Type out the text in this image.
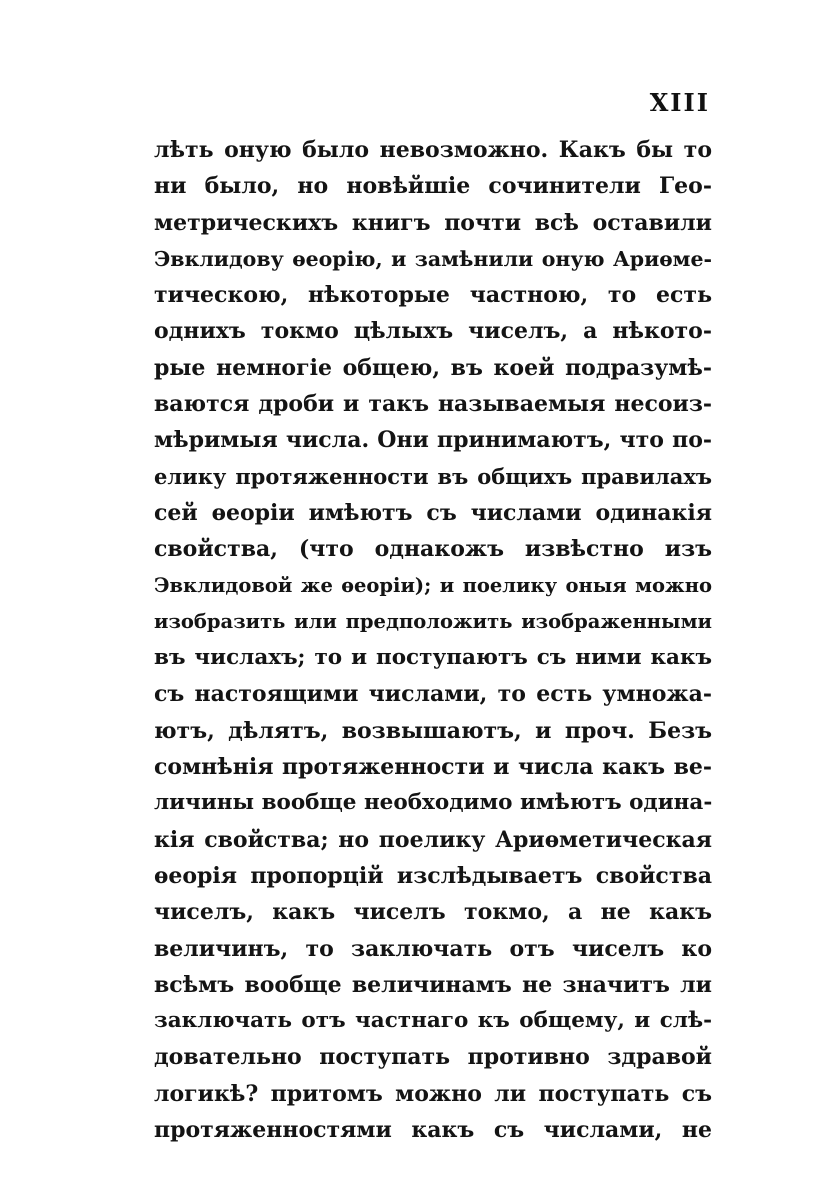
XIII
лѣть оную было невозможно. Какъ бы то
ни было, но новѣйшіе сочинители Гео-
метрическихъ книгъ почти всѣ оставили
Эвклидову ѳеорію, и замѣнили оную Ариѳме-
тическою, нѣкоторые частною, то есть
однихъ токмо цѣлыхъ чиселъ, а нѣкото-
рые немногіе общею, въ коей подразумѣ-
ваются дроби и такъ называемыя несоиз-
мѣримыя числа. Они принимаютъ, что по-
елику протяженности въ общихъ правилахъ
сей ѳеоріи имѣютъ съ числами одинакія
свойства, (что однакожъ извѣстно изъ
Эвклидовой же ѳеоріи); и поелику оныя можно
изобразить или предположить изображенными
въ числахъ; то и поступаютъ съ ними какъ
съ настоящими числами, то есть умножа-
ютъ, дѣлятъ, возвышаютъ, и проч. Безъ
сомнѣнія протяженности и числа какъ ве-
личины вообще необходимо имѣютъ одина-
кія свойства; но поелику Ариѳметическая
ѳеорія пропорцій изслѣдываетъ свойства
чиселъ, какъ чиселъ токмо, а не какъ
величинъ, то заключать отъ чиселъ ко
всѣмъ вообще величинамъ не значитъ ли
заключать отъ частнаго къ общему, и слѣ-
довательно поступать противно здравой
логикѣ? притомъ можно ли поступать съ
протяженностями какъ съ числами, не
